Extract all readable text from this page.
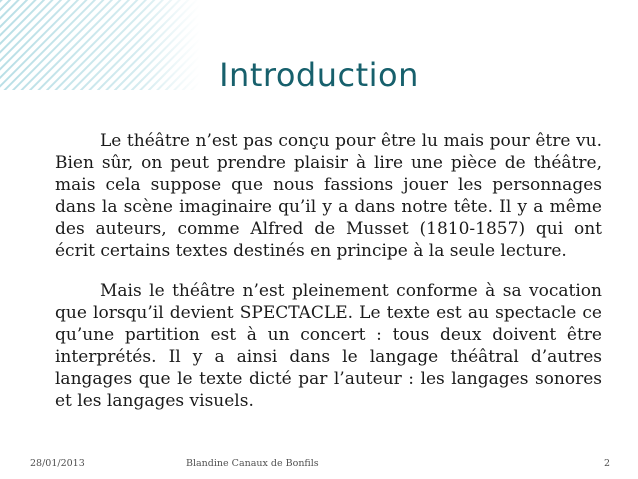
Introduction

Le théâtre n’est pas conçu pour être lu mais pour être vu. Bien sûr, on peut prendre plaisir à lire une pièce de théâtre, mais cela suppose que nous fassions jouer les personnages dans la scène imaginaire qu’il y a dans notre tête. Il y a même des auteurs, comme Alfred de Musset (1810-1857) qui ont écrit certains textes destinés en principe à la seule lecture.

Mais le théâtre n’est pleinement conforme à sa vocation que lorsqu’il devient SPECTACLE. Le texte est au spectacle ce qu’une partition est à un concert : tous deux doivent être interprétés. Il y a ainsi dans le langage théâtral d’autres langages que le texte dicté par l’auteur : les langages sonores et les langages visuels.

28/01/2013	Blandine Canaux de Bonfils	2
